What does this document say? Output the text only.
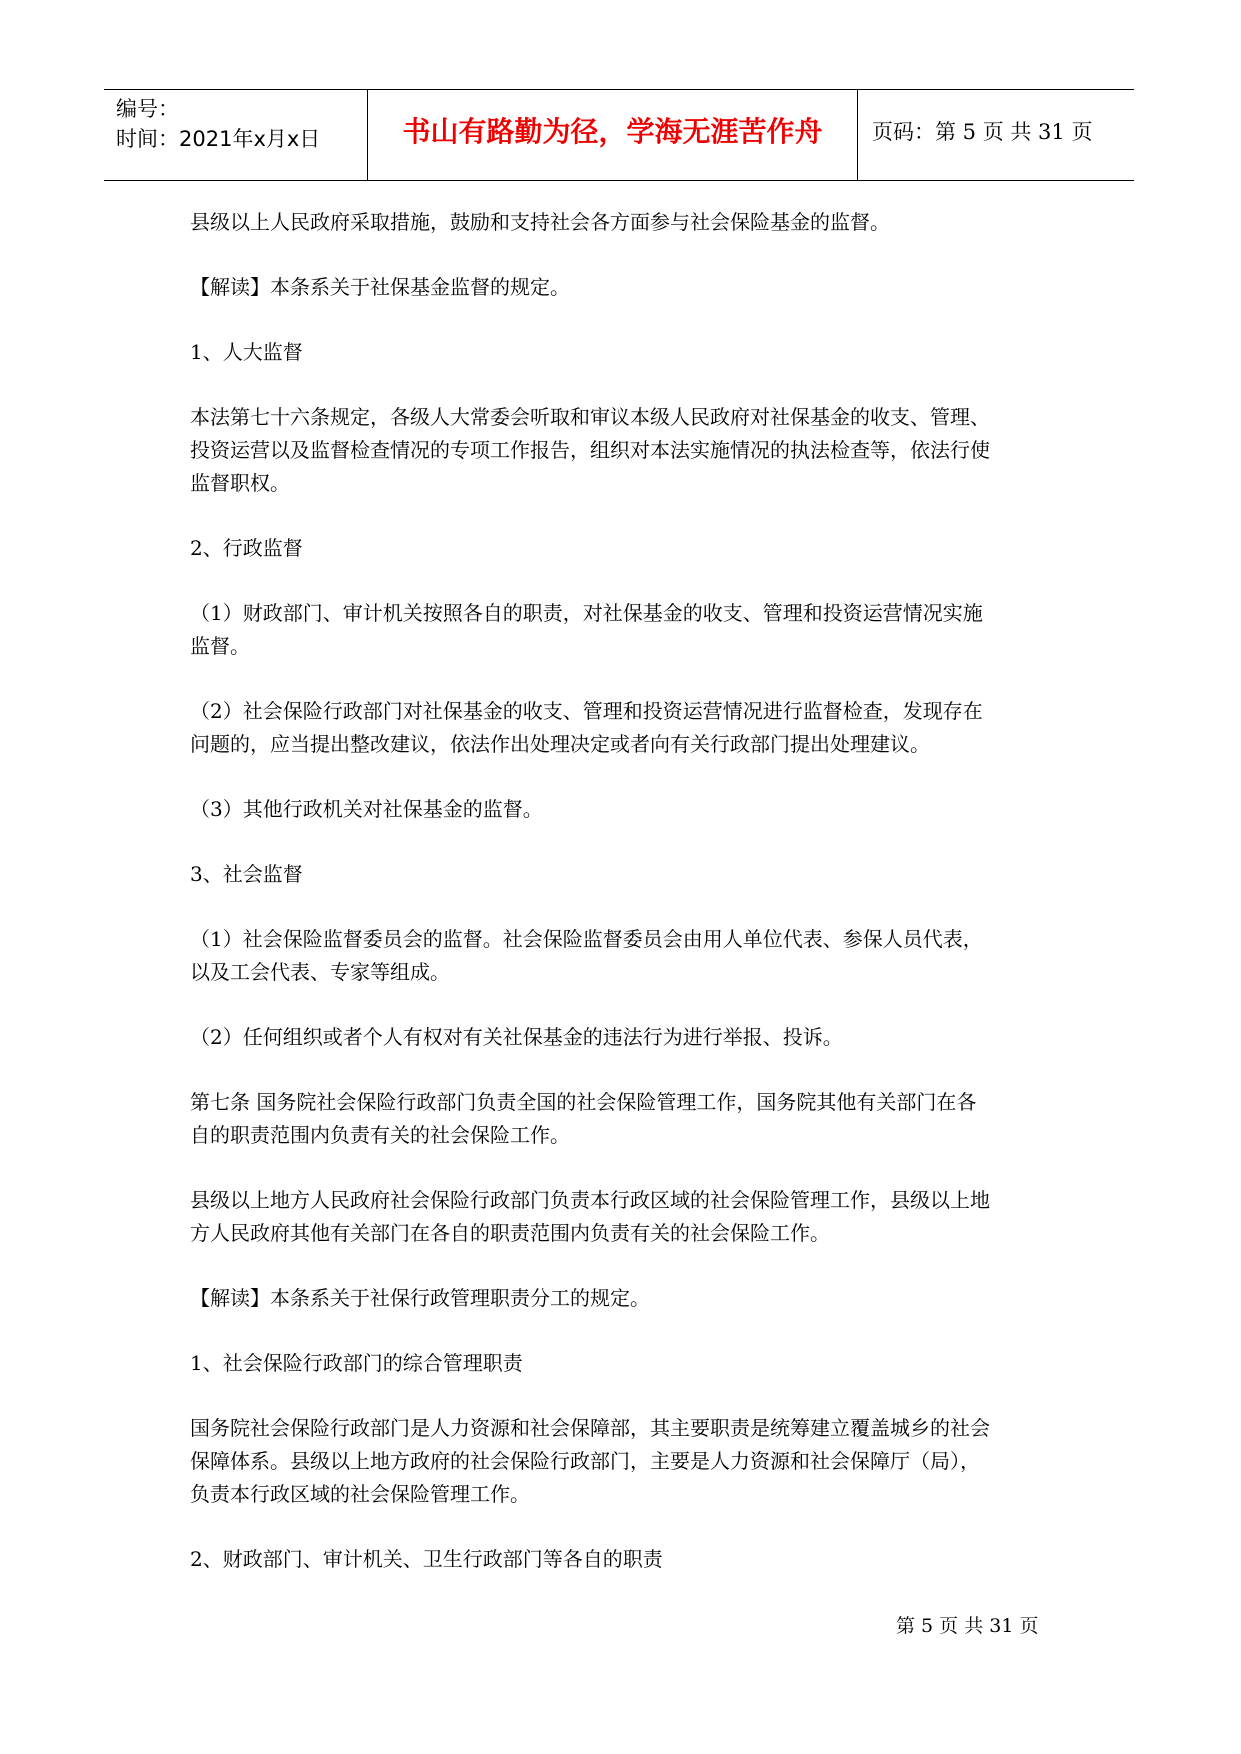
编号：
时间：2021年x月x日	书山有路勤为径，学海无涯苦作舟	页码：第 5 页 共 31 页

县级以上人民政府采取措施，鼓励和支持社会各方面参与社会保险基金的监督。

【解读】本条系关于社保基金监督的规定。

1、人大监督

本法第七十六条规定，各级人大常委会听取和审议本级人民政府对社保基金的收支、管理、
投资运营以及监督检查情况的专项工作报告，组织对本法实施情况的执法检查等，依法行使
监督职权。

2、行政监督

（1）财政部门、审计机关按照各自的职责，对社保基金的收支、管理和投资运营情况实施
监督。

（2）社会保险行政部门对社保基金的收支、管理和投资运营情况进行监督检查，发现存在
问题的，应当提出整改建议，依法作出处理决定或者向有关行政部门提出处理建议。

（3）其他行政机关对社保基金的监督。

3、社会监督

（1）社会保险监督委员会的监督。社会保险监督委员会由用人单位代表、参保人员代表，
以及工会代表、专家等组成。

（2）任何组织或者个人有权对有关社保基金的违法行为进行举报、投诉。

第七条 国务院社会保险行政部门负责全国的社会保险管理工作，国务院其他有关部门在各
自的职责范围内负责有关的社会保险工作。

县级以上地方人民政府社会保险行政部门负责本行政区域的社会保险管理工作，县级以上地
方人民政府其他有关部门在各自的职责范围内负责有关的社会保险工作。

【解读】本条系关于社保行政管理职责分工的规定。

1、社会保险行政部门的综合管理职责

国务院社会保险行政部门是人力资源和社会保障部，其主要职责是统筹建立覆盖城乡的社会
保障体系。县级以上地方政府的社会保险行政部门，主要是人力资源和社会保障厅（局），
负责本行政区域的社会保险管理工作。

2、财政部门、审计机关、卫生行政部门等各自的职责

第 5 页 共 31 页
